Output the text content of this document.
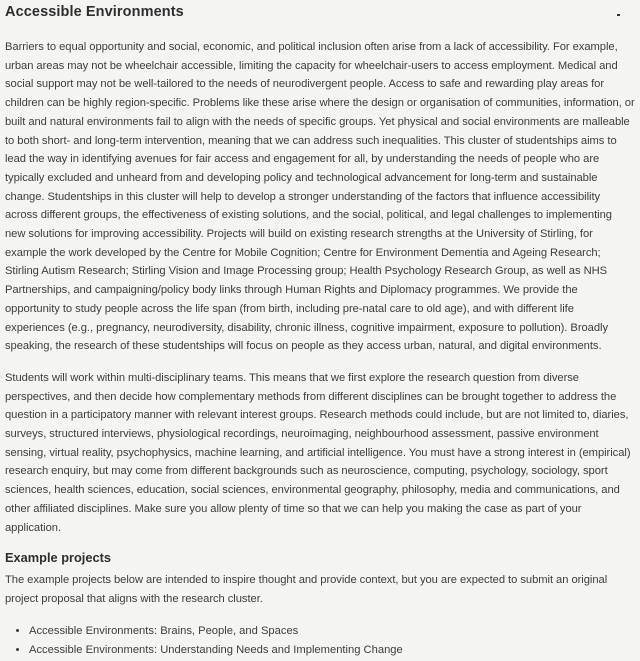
Accessible Environments

Barriers to equal opportunity and social, economic, and political inclusion often arise from a lack of accessibility. For example, urban areas may not be wheelchair accessible, limiting the capacity for wheelchair-users to access employment. Medical and social support may not be well-tailored to the needs of neurodivergent people. Access to safe and rewarding play areas for children can be highly region-specific. Problems like these arise where the design or organisation of communities, information, or built and natural environments fail to align with the needs of specific groups. Yet physical and social environments are malleable to both short- and long-term intervention, meaning that we can address such inequalities. This cluster of studentships aims to lead the way in identifying avenues for fair access and engagement for all, by understanding the needs of people who are typically excluded and unheard from and developing policy and technological advancement for long-term and sustainable change. Studentships in this cluster will help to develop a stronger understanding of the factors that influence accessibility across different groups, the effectiveness of existing solutions, and the social, political, and legal challenges to implementing new solutions for improving accessibility. Projects will build on existing research strengths at the University of Stirling, for example the work developed by the Centre for Mobile Cognition; Centre for Environment Dementia and Ageing Research; Stirling Autism Research; Stirling Vision and Image Processing group; Health Psychology Research Group, as well as NHS Partnerships, and campaigning/policy body links through Human Rights and Diplomacy programmes. We provide the opportunity to study people across the life span (from birth, including pre-natal care to old age), and with different life experiences (e.g., pregnancy, neurodiversity, disability, chronic illness, cognitive impairment, exposure to pollution). Broadly speaking, the research of these studentships will focus on people as they access urban, natural, and digital environments.

Students will work within multi-disciplinary teams. This means that we first explore the research question from diverse perspectives, and then decide how complementary methods from different disciplines can be brought together to address the question in a participatory manner with relevant interest groups. Research methods could include, but are not limited to, diaries, surveys, structured interviews, physiological recordings, neuroimaging, neighbourhood assessment, passive environment sensing, virtual reality, psychophysics, machine learning, and artificial intelligence. You must have a strong interest in (empirical) research enquiry, but may come from different backgrounds such as neuroscience, computing, psychology, sociology, sport sciences, health sciences, education, social sciences, environmental geography, philosophy, media and communications, and other affiliated disciplines. Make sure you allow plenty of time so that we can help you making the case as part of your application.

Example projects

The example projects below are intended to inspire thought and provide context, but you are expected to submit an original project proposal that aligns with the research cluster.

• Accessible Environments: Brains, People, and Spaces
• Accessible Environments: Understanding Needs and Implementing Change
